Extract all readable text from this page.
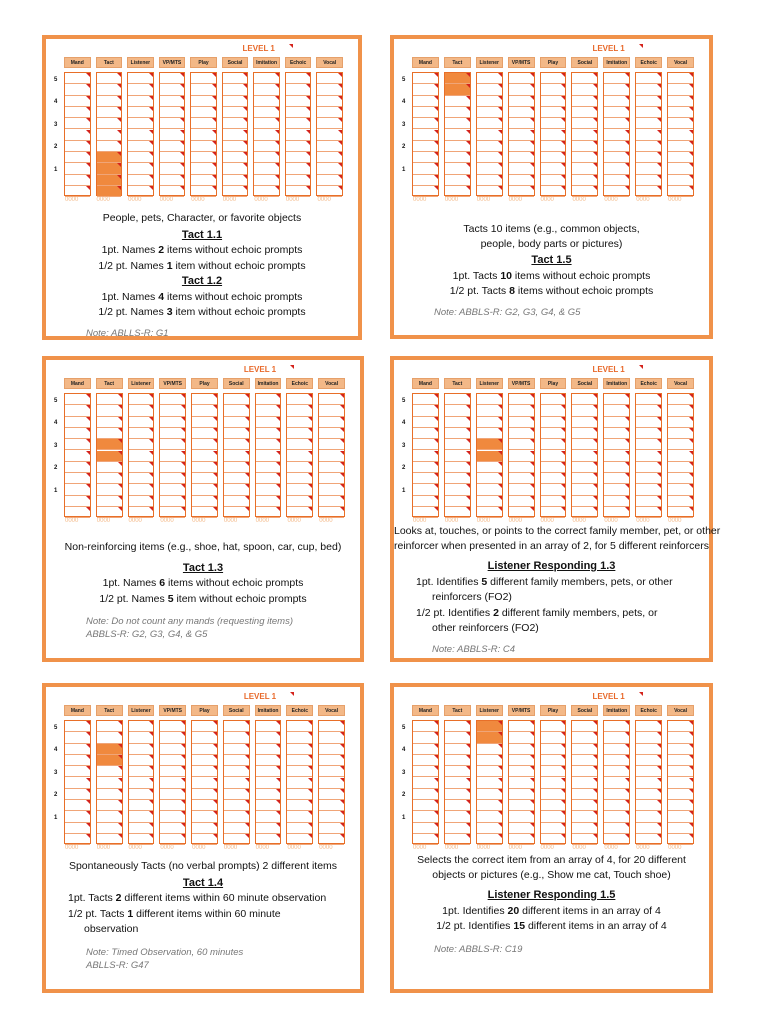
LEVEL 1
Mand
0000
Tact
0000
Listener
0000
VP/MTS
0000
Play
0000
Social
0000
Imitation
0000
Echoic
0000
Vocal
0000
5
4
3
2
1
People, pets, Character, or favorite objects
Tact 1.1
1pt. Names 2 items without echoic prompts
1/2 pt. Names 1 item without echoic prompts
Tact 1.2
1pt. Names 4 items without echoic prompts
1/2 pt. Names 3 item without echoic prompts
Note: ABLLS-R: G1
LEVEL 1
Mand
0000
Tact
0000
Listener
0000
VP/MTS
0000
Play
0000
Social
0000
Imitation
0000
Echoic
0000
Vocal
0000
5
4
3
2
1
Tacts 10 items (e.g., common objects,
people, body parts or pictures)
Tact 1.5
1pt. Tacts 10 items without echoic prompts
1/2 pt. Tacts 8 items without echoic prompts
Note: ABBLS-R: G2, G3, G4, & G5
LEVEL 1
Mand
0000
Tact
0000
Listener
0000
VP/MTS
0000
Play
0000
Social
0000
Imitation
0000
Echoic
0000
Vocal
0000
5
4
3
2
1
Non-reinforcing items (e.g., shoe, hat, spoon, car, cup, bed)
Tact 1.3
1pt. Names 6 items without echoic prompts
1/2 pt. Names 5 item without echoic prompts
Note: Do not count any mands (requesting items)
ABBLS-R: G2, G3, G4, & G5
LEVEL 1
Mand
0000
Tact
0000
Listener
0000
VP/MTS
0000
Play
0000
Social
0000
Imitation
0000
Echoic
0000
Vocal
0000
5
4
3
2
1
Looks at, touches, or points to the correct family member, pet, or other
reinforcer when presented in an array of 2, for 5 different reinforcers
Listener Responding 1.3
1pt. Identifies 5 different family members, pets, or other
reinforcers (FO2)
1/2 pt. Identifies 2 different family members, pets, or
other reinforcers (FO2)
Note: ABBLS-R: C4
LEVEL 1
Mand
0000
Tact
0000
Listener
0000
VP/MTS
0000
Play
0000
Social
0000
Imitation
0000
Echoic
0000
Vocal
0000
5
4
3
2
1
Spontaneously Tacts (no verbal prompts) 2 different items
Tact 1.4
1pt. Tacts 2 different items within 60 minute observation
1/2 pt. Tacts 1 different items within 60 minute
observation
Note: Timed Observation, 60 minutes
ABLLS-R: G47
LEVEL 1
Mand
0000
Tact
0000
Listener
0000
VP/MTS
0000
Play
0000
Social
0000
Imitation
0000
Echoic
0000
Vocal
0000
5
4
3
2
1
Selects the correct item from an array of 4, for 20 different
objects or pictures (e.g., Show me cat, Touch shoe)
Listener Responding 1.5
1pt. Identifies 20 different items in an array of 4
1/2 pt. Identifies 15 different items in an array of 4
Note: ABBLS-R: C19
